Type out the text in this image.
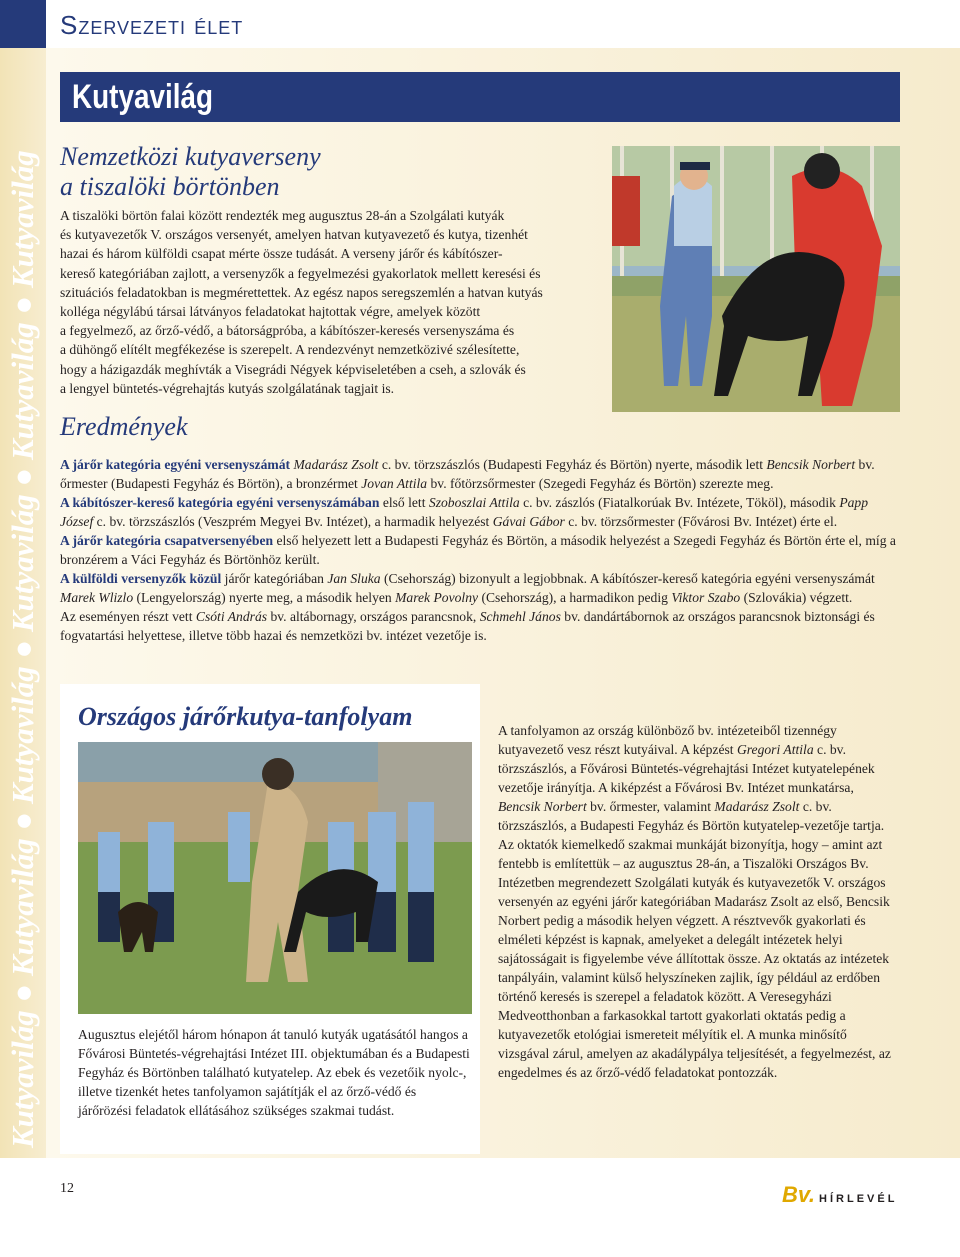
Szervezeti élet
Kutyavilág ● Kutyavilág ● Kutyavilág ● Kutyavilág ● Kutyavilág ● Kutyavilág
Kutyavilág
Nemzetközi kutyaverseny
a tiszalöki börtönben
A tiszalöki börtön falai között rendezték meg augusztus 28-án a Szolgálati kutyák
és kutyavezetők V. országos versenyét, amelyen hatvan kutyavezető és kutya, tizenhét
hazai és három külföldi csapat mérte össze tudását. A verseny járőr és kábítószer-
kereső kategóriában zajlott, a versenyzők a fegyelmezési gyakorlatok mellett keresési és
szituációs feladatokban is megmérettettek. Az egész napos seregszemlén a hatvan kutyás
kolléga négylábú társai látványos feladatokat hajtottak végre, amelyek között
a fegyelmező, az őrző-védő, a bátorságpróba, a kábítószer-keresés versenyszáma és
a dühöngő elítélt megfékezése is szerepelt. A rendezvényt nemzetközivé szélesítette,
hogy a házigazdák meghívták a Visegrádi Négyek képviseletében a cseh, a szlovák és
a lengyel büntetés-végrehajtás kutyás szolgálatának tagjait is.
Eredmények

A járőr kategória egyéni versenyszámát Madarász Zsolt c. bv. törzszászlós (Budapesti Fegyház és Börtön) nyerte, második lett Bencsik Norbert bv. őrmester (Budapesti Fegyház és Börtön), a bronzérmet Jovan Attila bv. főtörzsőrmester (Szegedi Fegyház és Börtön) szerezte meg.

A kábítószer-kereső kategória egyéni versenyszámában első lett Szoboszlai Attila c. bv. zászlós (Fiatalkorúak Bv. Intézete, Tököl), második Papp József c. bv. törzszászlós (Veszprém Megyei Bv. Intézet), a harmadik helyezést Gávai Gábor c. bv. törzsőrmester (Fővárosi Bv. Intézet) érte el.

A járőr kategória csapatversenyében első helyezett lett a Budapesti Fegyház és Börtön, a második helyezést a Szegedi Fegyház és Börtön érte el, míg a bronzérem a Váci Fegyház és Börtönhöz került.

A külföldi versenyzők közül járőr kategóriában Jan Sluka (Csehország) bizonyult a legjobbnak. A kábítószer-kereső kategória egyéni versenyszámát Marek Wlizlo (Lengyelország) nyerte meg, a második helyen Marek Povolny (Csehország), a harmadikon pedig Viktor Szabo (Szlovákia) végzett.

Az eseményen részt vett Csóti András bv. altábornagy, országos parancsnok, Schmehl János bv. dandártábornok az országos parancsnok biztonsági és fogvatartási helyettese, illetve több hazai és nemzetközi bv. intézet vezetője is.

Országos járőrkutya-tanfolyam
Augusztus elejétől három hónapon át tanuló kutyák ugatásától hangos a Fővárosi Büntetés-végrehajtási Intézet III. objektumában és a Budapesti Fegyház és Börtönben található kutyatelep. Az ebek és vezetőik nyolc-, illetve tizenkét hetes tanfolyamon sajátítják el az őrző-védő és járőrözési feladatok ellátásához szükséges szakmai tudást.
A tanfolyamon az ország különböző bv. intézeteiből tizennégy kutyavezető vesz részt kutyáival. A képzést Gregori Attila c. bv. törzszászlós, a Fővárosi Büntetés-végrehajtási Intézet kutyatelepének vezetője irányítja. A kiképzést a Fővárosi Bv. Intézet munkatársa, Bencsik Norbert bv. őrmester, valamint Madarász Zsolt c. bv. törzszászlós, a Budapesti Fegyház és Börtön kutyatelep-vezetője tartja. Az oktatók kiemelkedő szakmai munkáját bizonyítja, hogy – amint azt fentebb is említettük – az augusztus 28-án, a Tiszalöki Országos Bv. Intézetben megrendezett Szolgálati kutyák és kutyavezetők V. országos versenyén az egyéni járőr kategóriában Madarász Zsolt az első, Bencsik Norbert pedig a második helyen végzett. A résztvevők gyakorlati és elméleti képzést is kapnak, amelyeket a delegált intézetek helyi sajátosságait is figyelembe véve állítottak össze. Az oktatás az intézetek tanpályáin, valamint külső helyszíneken zajlik, így például az erdőben történő keresés is szerepel a feladatok között. A Veresegyházi Medveotthonban a farkasokkal tartott gyakorlati oktatás pedig a kutyavezetők etológiai ismereteit mélyítik el. A munka minősítő vizsgával zárul, amelyen az akadálypálya teljesítését, a fegyelmezést, az engedelmes és az őrző-védő feladatokat pontozzák.
12	Bv. HÍRLEVÉL
